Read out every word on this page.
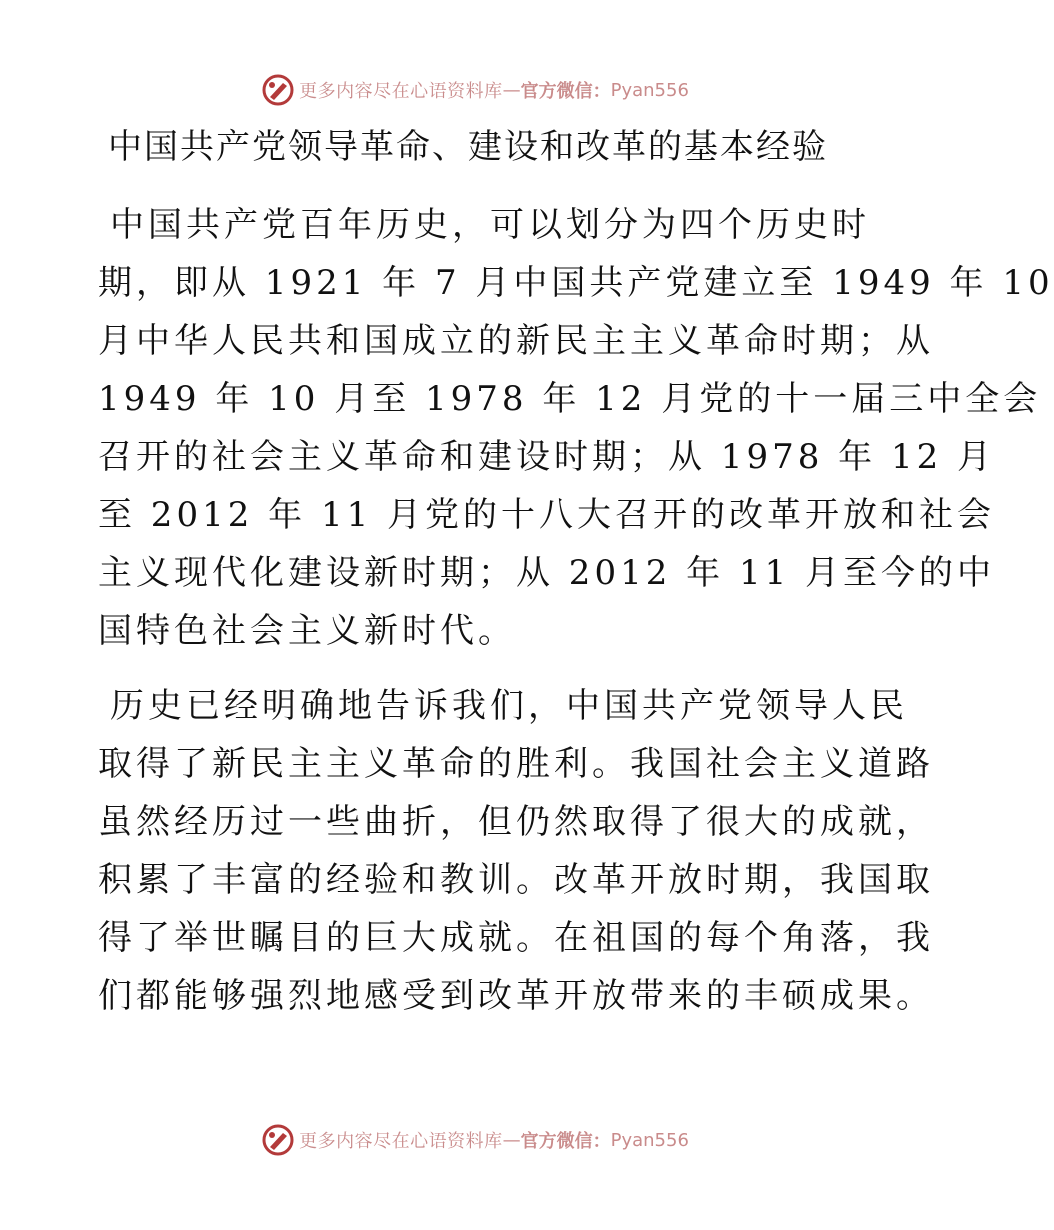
更多内容尽在心语资料库 — 官方微信： Pyan556
中国共产党领导革命、建设和改革的基本经验
中国共产党百年历史，可以划分为四个历史时
期，即从 1921 年 7 月中国共产党建立至 1949 年 10
月中华人民共和国成立的新民主主义革命时期；从
1949 年 10 月至 1978 年 12 月党的十一届三中全会
召开的社会主义革命和建设时期；从 1978 年 12 月
至 2012 年 11 月党的十八大召开的改革开放和社会
主义现代化建设新时期；从 2012 年 11 月至今的中
国特色社会主义新时代。
历史已经明确地告诉我们，中国共产党领导人民
取得了新民主主义革命的胜利。我国社会主义道路
虽然经历过一些曲折，但仍然取得了很大的成就，
积累了丰富的经验和教训。改革开放时期，我国取
得了举世瞩目的巨大成就。在祖国的每个角落，我
们都能够强烈地感受到改革开放带来的丰硕成果。
更多内容尽在心语资料库 — 官方微信： Pyan556
